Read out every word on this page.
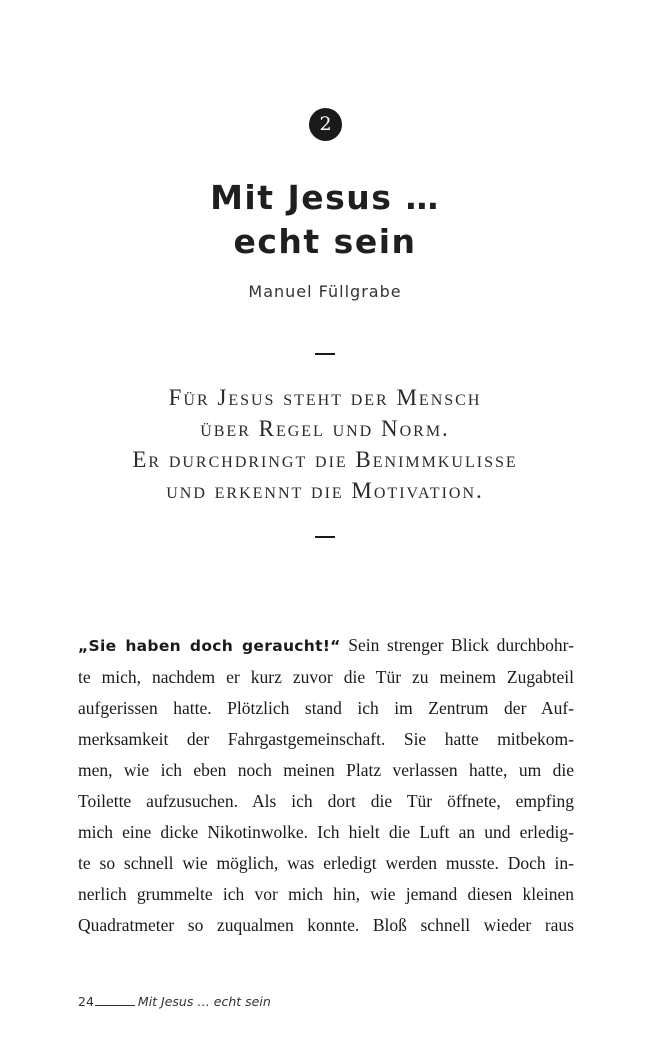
2
Mit Jesus …
echt sein
Manuel Füllgrabe
Für Jesus steht der Mensch
über Regel und Norm.
Er durchdringt die Benimmkulisse
und erkennt die Motivation.
„Sie haben doch geraucht!“ Sein strenger Blick durchbohr-
te mich, nachdem er kurz zuvor die Tür zu meinem Zugabteil
aufgerissen hatte. Plötzlich stand ich im Zentrum der Auf-
merksamkeit der Fahrgastgemeinschaft. Sie hatte mitbekom-
men, wie ich eben noch meinen Platz verlassen hatte, um die
Toilette aufzusuchen. Als ich dort die Tür öffnete, empfing
mich eine dicke Nikotinwolke. Ich hielt die Luft an und erledig-
te so schnell wie möglich, was erledigt werden musste. Doch in-
nerlich grummelte ich vor mich hin, wie jemand diesen kleinen
Quadratmeter so zuqualmen konnte. Bloß schnell wieder raus
24	Mit Jesus … echt sein
